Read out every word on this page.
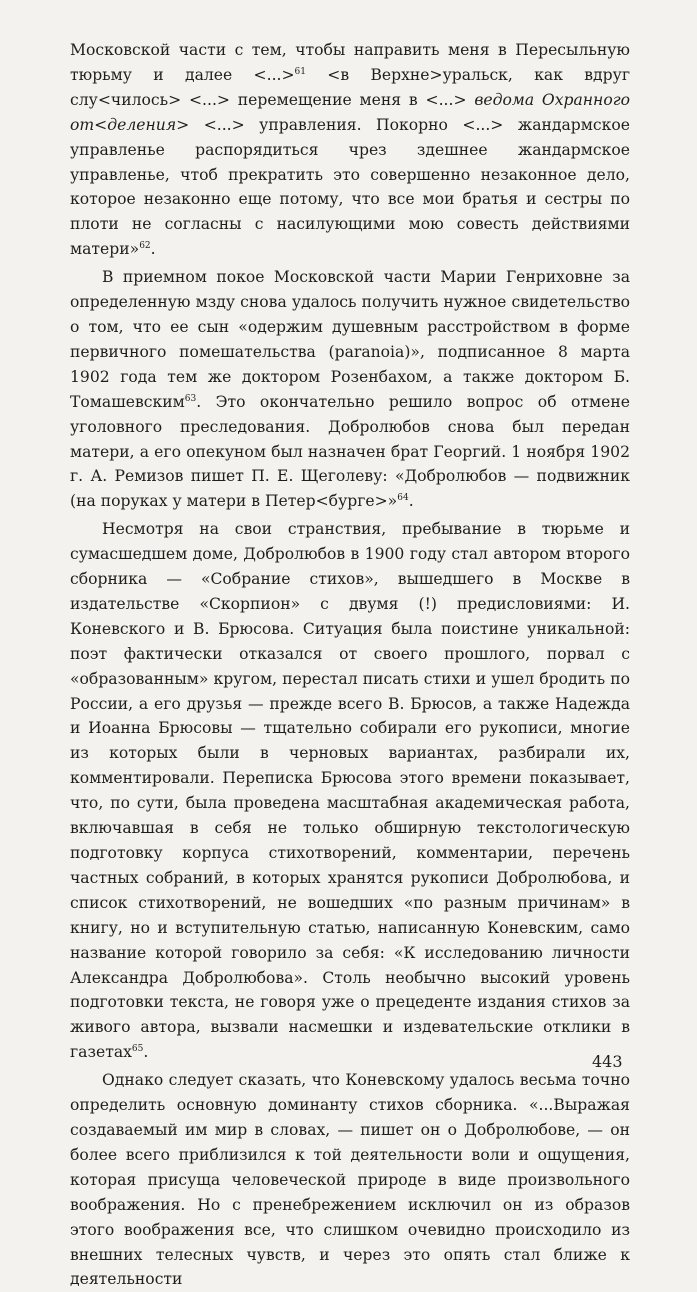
Московской части с тем, чтобы направить меня в Пересыльную тюрьму и далее <...>$^{61}$ <в Верхне>уральск, как вдруг слу<чилось> <...> перемещение меня в <...> ведома Охранного от<деления> <...> управления. Покорно <...> жандармское управленье распорядиться чрез здешнее жандармское управленье, чтоб прекратить это совершенно незаконное дело, которое незаконно еще потому, что все мои братья и сестры по плоти не согласны с насилующими мою совесть действиями матери»$^{62}$.

В приемном покое Московской части Марии Генриховне за определенную мзду снова удалось получить нужное свидетельство о том, что ее сын «одержим душевным расстройством в форме первичного помешательства (paranoia)», подписанное 8 марта 1902 года тем же доктором Розенбахом, а также доктором Б. Томашевским$^{63}$. Это окончательно решило вопрос об отмене уголовного преследования. Добролюбов снова был передан матери, а его опекуном был назначен брат Георгий. 1 ноября 1902 г. А. Ремизов пишет П. Е. Щеголеву: «Добролюбов — подвижник (на поруках у матери в Петер<бурге>»$^{64}$.

Несмотря на свои странствия, пребывание в тюрьме и сумасшедшем доме, Добролюбов в 1900 году стал автором второго сборника — «Собрание стихов», вышедшего в Москве в издательстве «Скорпион» с двумя (!) предисловиями: И. Коневского и В. Брюсова. Ситуация была поистине уникальной: поэт фактически отказался от своего прошлого, порвал с «образованным» кругом, перестал писать стихи и ушел бродить по России, а его друзья — прежде всего В. Брюсов, а также Надежда и Иоанна Брюсовы — тщательно собирали его рукописи, многие из которых были в черновых вариантах, разбирали их, комментировали. Переписка Брюсова этого времени показывает, что, по сути, была проведена масштабная академическая работа, включавшая в себя не только обширную текстологическую подготовку корпуса стихотворений, комментарии, перечень частных собраний, в которых хранятся рукописи Добролюбова, и список стихотворений, не вошедших «по разным причинам» в книгу, но и вступительную статью, написанную Коневским, само название которой говорило за себя: «К исследованию личности Александра Добролюбова». Столь необычно высокий уровень подготовки текста, не говоря уже о прецеденте издания стихов за живого автора, вызвали насмешки и издевательские отклики в газетах$^{65}$.

Однако следует сказать, что Коневскому удалось весьма точно определить основную доминанту стихов сборника. «...Выражая создаваемый им мир в словах, — пишет он о Добролюбове, — он более всего приблизился к той деятельности воли и ощущения, которая присуща человеческой природе в виде произвольного воображения. Но с пренебрежением исключил он из образов этого воображения все, что слишком очевидно происходило из внешних телесных чувств, и через это опять стал ближе к деятельности

443
